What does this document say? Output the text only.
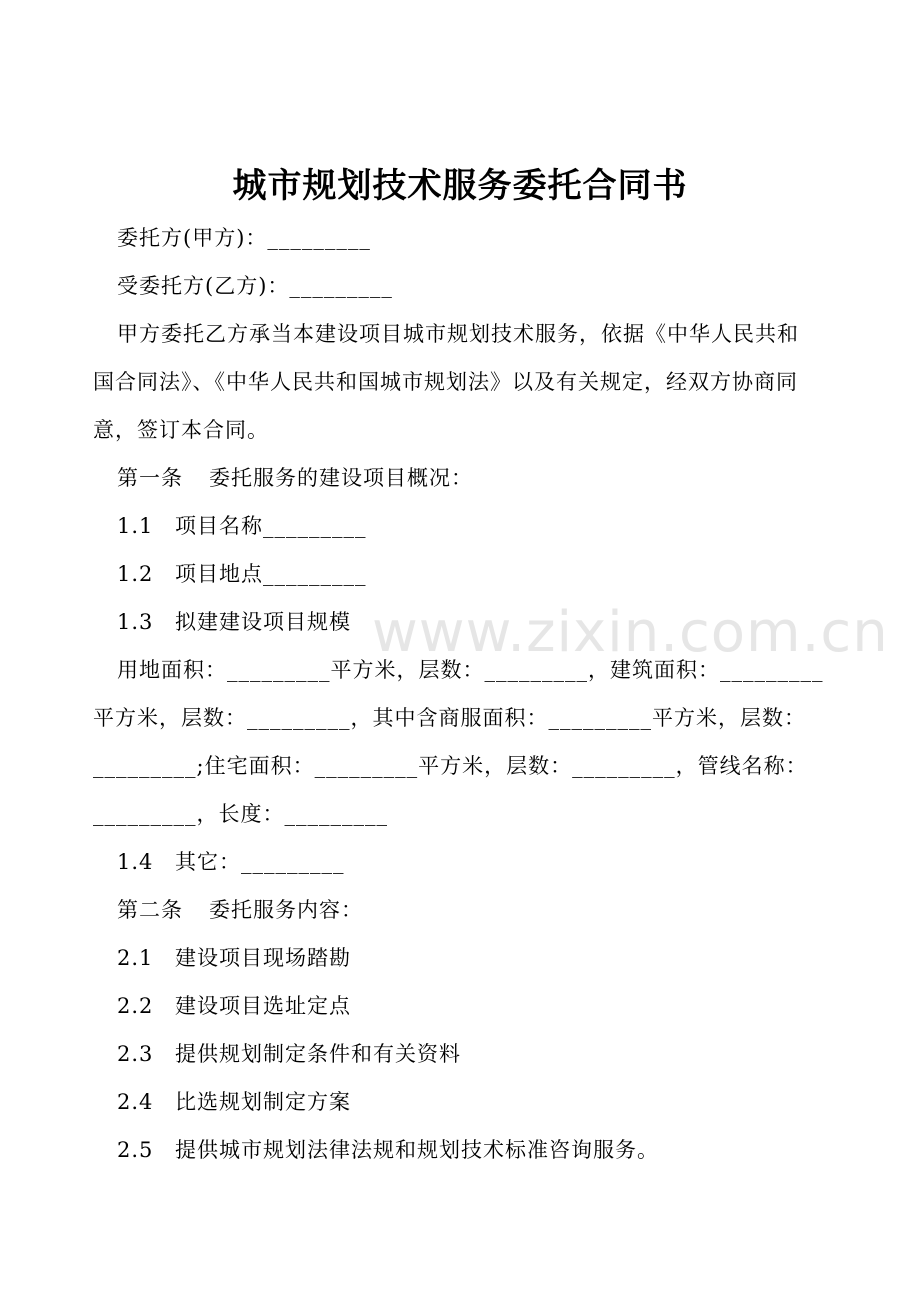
www.zixin.com.cn
城市规划技术服务委托合同书
委托方(甲方)：_________
受委托方(乙方)：_________
甲方委托乙方承当本建设项目城市规划技术服务，依据《中华人民共和
国合同法》、《中华人民共和国城市规划法》以及有关规定，经双方协商同
意，签订本合同。
第一条 委托服务的建设项目概况：
1.1 项目名称_________
1.2 项目地点_________
1.3 拟建建设项目规模
用地面积：_________平方米，层数：_________，建筑面积：_________
平方米，层数：_________，其中含商服面积：_________平方米，层数：
_________;住宅面积：_________平方米，层数：_________，管线名称：
_________，长度：_________
1.4 其它：_________
第二条 委托服务内容：
2.1 建设项目现场踏勘
2.2 建设项目选址定点
2.3 提供规划制定条件和有关资料
2.4 比选规划制定方案
2.5 提供城市规划法律法规和规划技术标准咨询服务。
